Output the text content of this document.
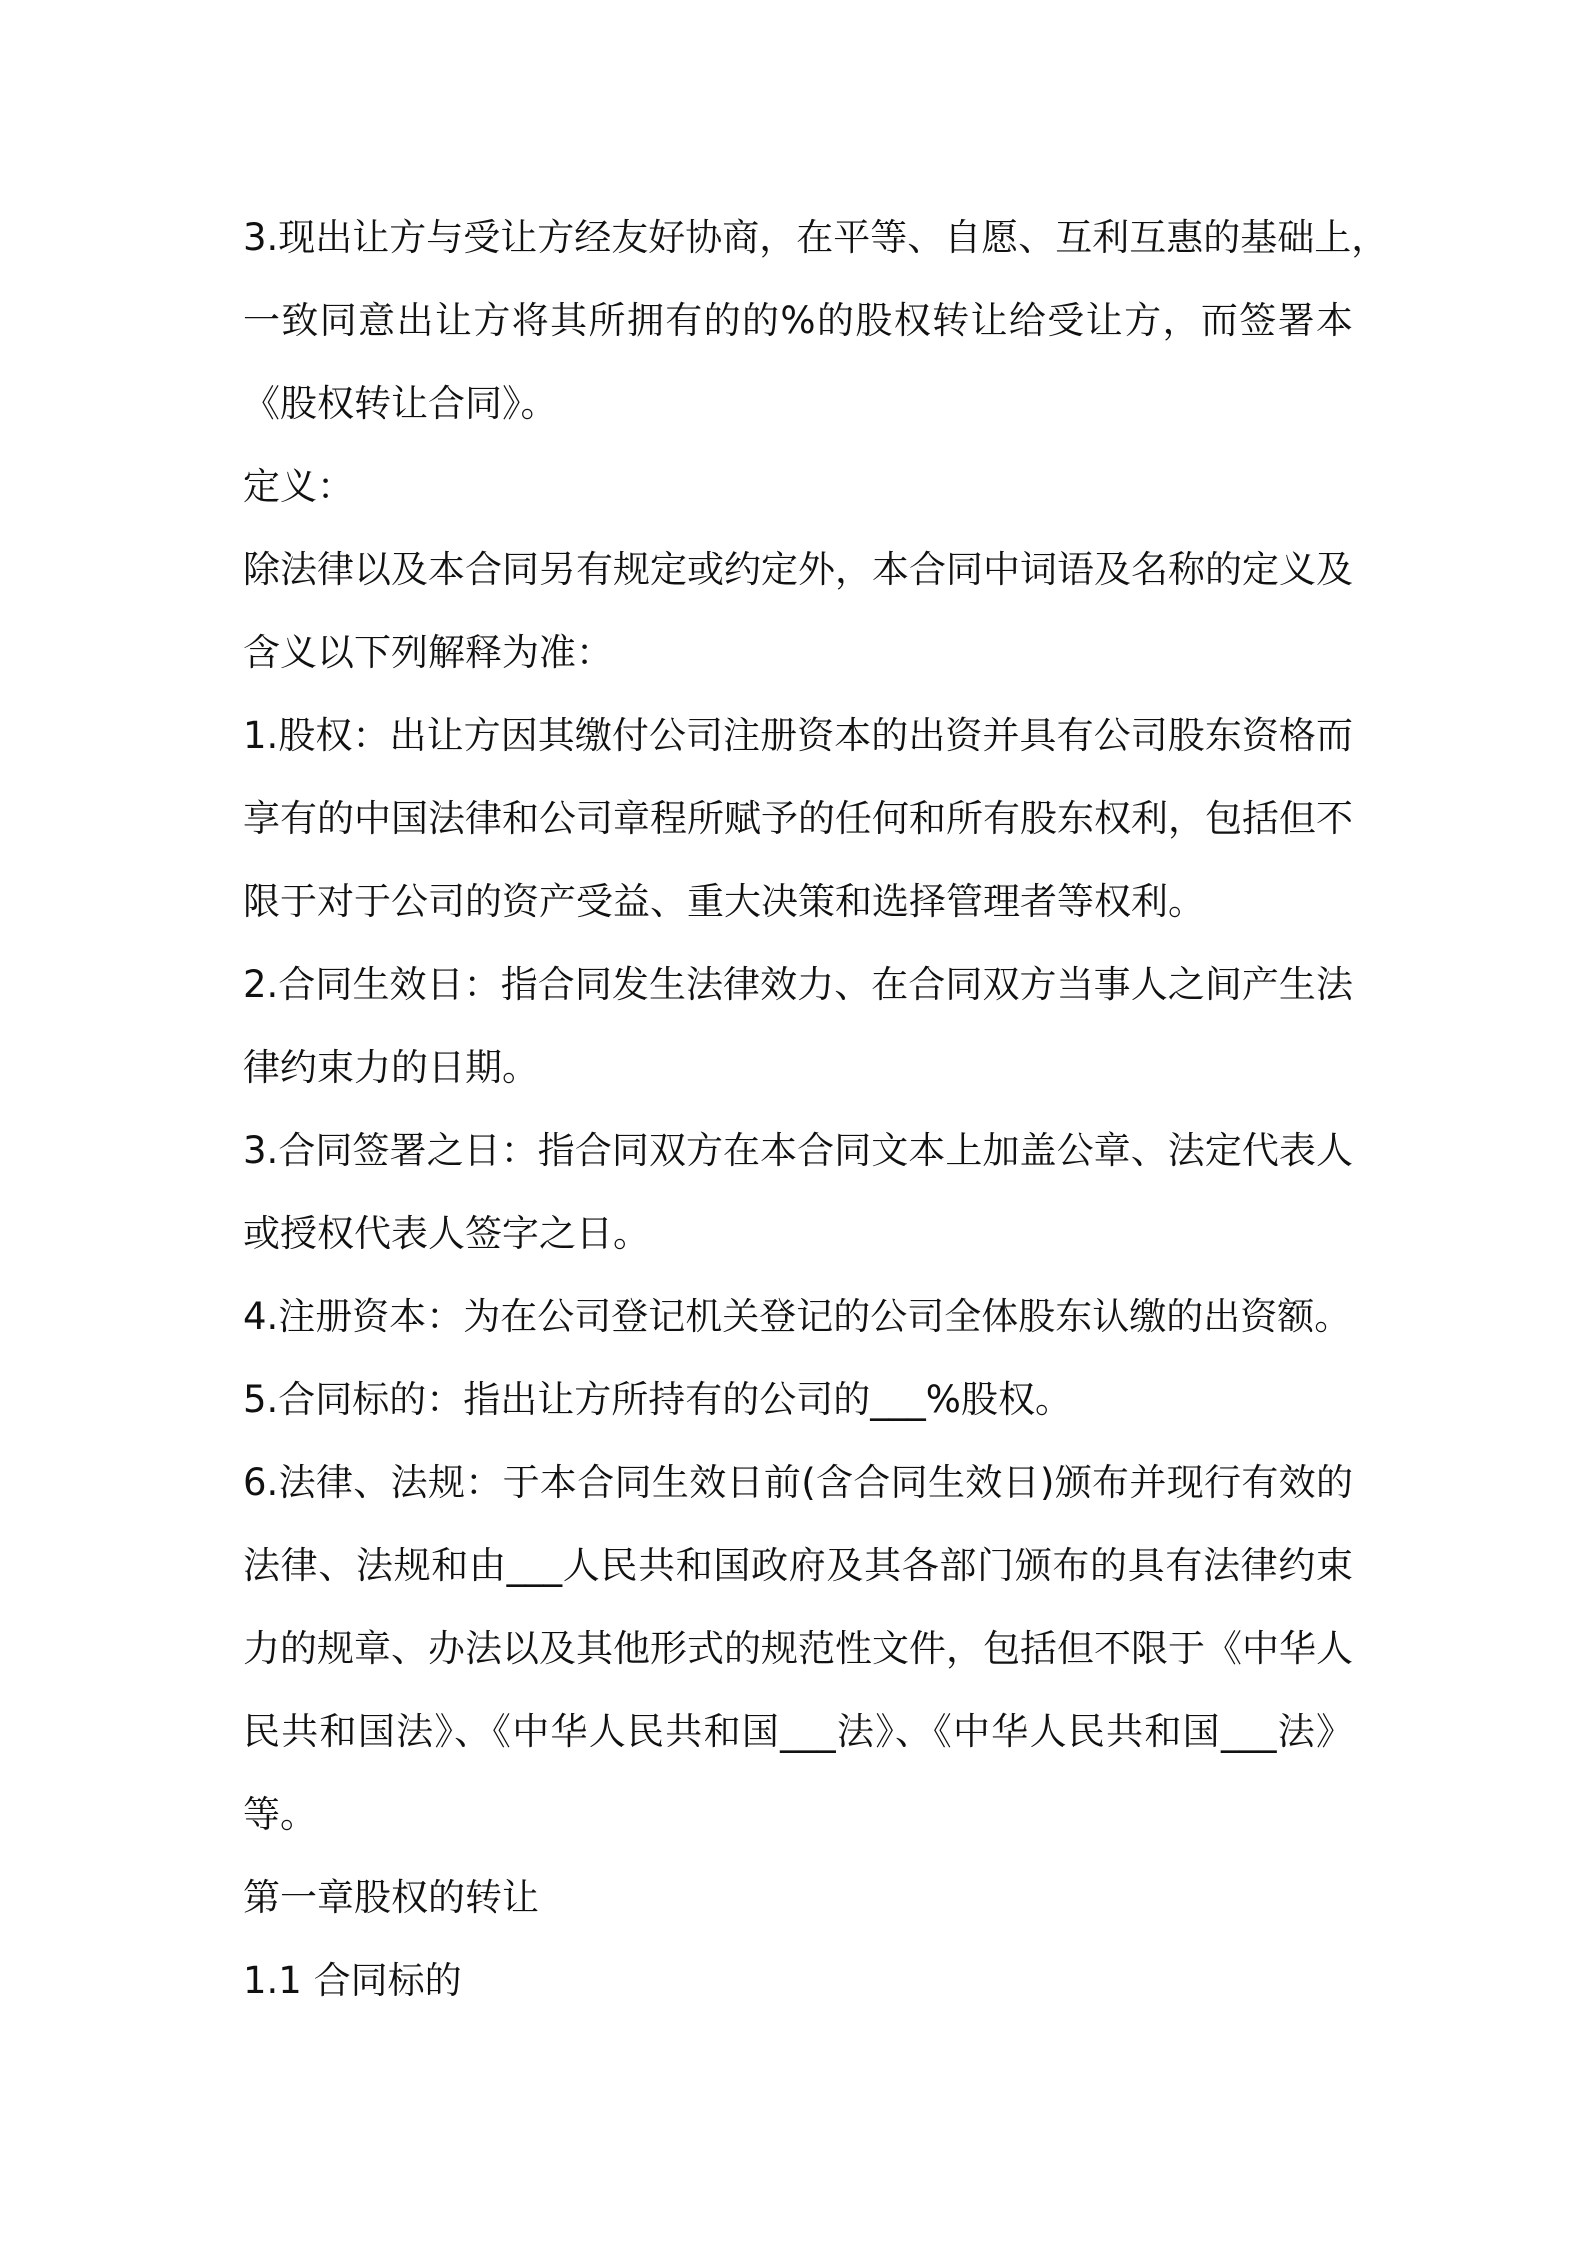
3.现出让方与受让方经友好协商，在平等、自愿、互利互惠的基础上，
一致同意出让方将其所拥有的的%的股权转让给受让方，而签署本
《股权转让合同》。
定义：
除法律以及本合同另有规定或约定外，本合同中词语及名称的定义及
含义以下列解释为准：
1.股权：出让方因其缴付公司注册资本的出资并具有公司股东资格而
享有的中国法律和公司章程所赋予的任何和所有股东权利，包括但不
限于对于公司的资产受益、重大决策和选择管理者等权利。
2.合同生效日：指合同发生法律效力、在合同双方当事人之间产生法
律约束力的日期。
3.合同签署之日：指合同双方在本合同文本上加盖公章、法定代表人
或授权代表人签字之日。
4.注册资本：为在公司登记机关登记的公司全体股东认缴的出资额。
5.合同标的：指出让方所持有的公司的___%股权。
6.法律、法规：于本合同生效日前(含合同生效日)颁布并现行有效的
法律、法规和由___人民共和国政府及其各部门颁布的具有法律约束
力的规章、办法以及其他形式的规范性文件，包括但不限于《中华人
民共和国法》、《中华人民共和国___法》、《中华人民共和国___法》
等。
第一章股权的转让
1.1 合同标的
